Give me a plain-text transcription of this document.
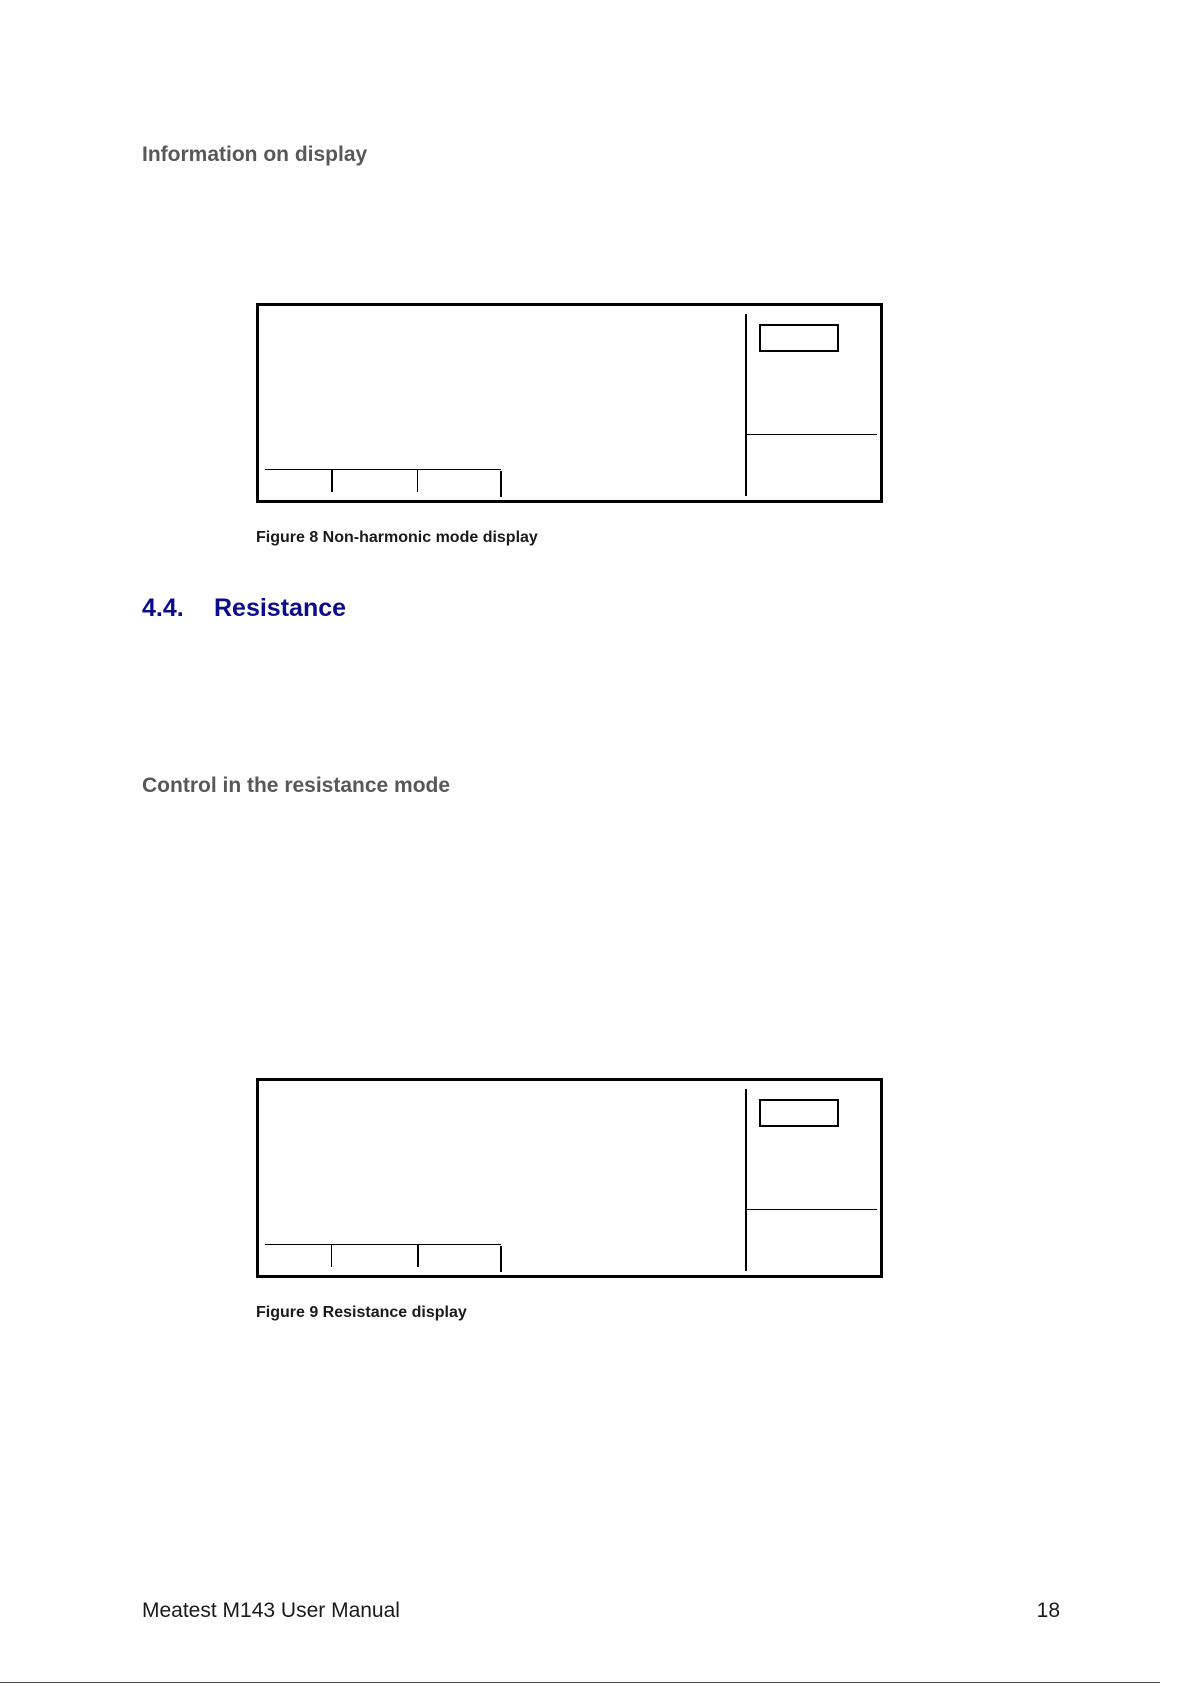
Information on display

Figure 8 Non-harmonic mode display

4.4. Resistance
Control in the resistance mode

Figure 9 Resistance display

Meatest M143 User Manual	18
